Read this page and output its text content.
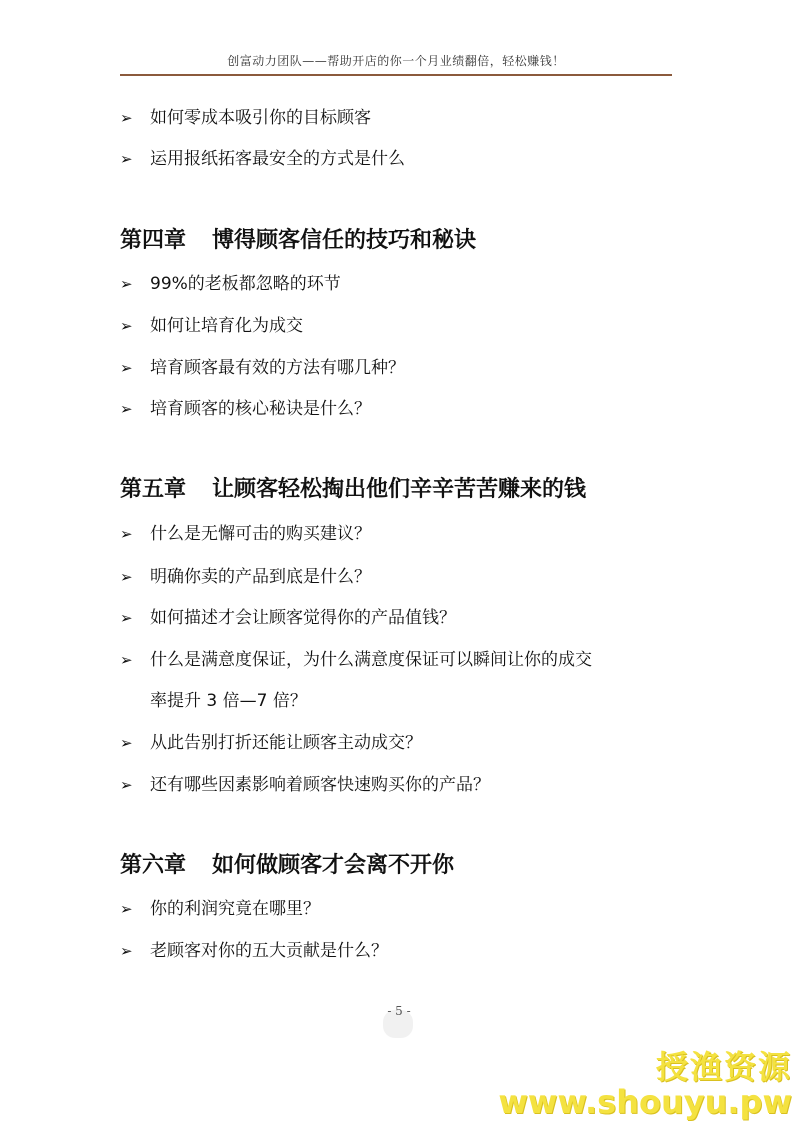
创富动力团队——帮助开店的你一个月业绩翻倍，轻松赚钱！
➢ 如何零成本吸引你的目标顾客
➢ 运用报纸拓客最安全的方式是什么
第四章 博得顾客信任的技巧和秘诀
➢ 99%的老板都忽略的环节
➢ 如何让培育化为成交
➢ 培育顾客最有效的方法有哪几种？
➢ 培育顾客的核心秘诀是什么？
第五章 让顾客轻松掏出他们辛辛苦苦赚来的钱
➢ 什么是无懈可击的购买建议？
➢ 明确你卖的产品到底是什么？
➢ 如何描述才会让顾客觉得你的产品值钱？
➢ 什么是满意度保证，为什么满意度保证可以瞬间让你的成交
率提升 3 倍—7 倍？
➢ 从此告别打折还能让顾客主动成交？
➢ 还有哪些因素影响着顾客快速购买你的产品？
第六章 如何做顾客才会离不开你
➢ 你的利润究竟在哪里？
➢ 老顾客对你的五大贡献是什么？
- 5 -
授渔资源
www.shouyu.pw
